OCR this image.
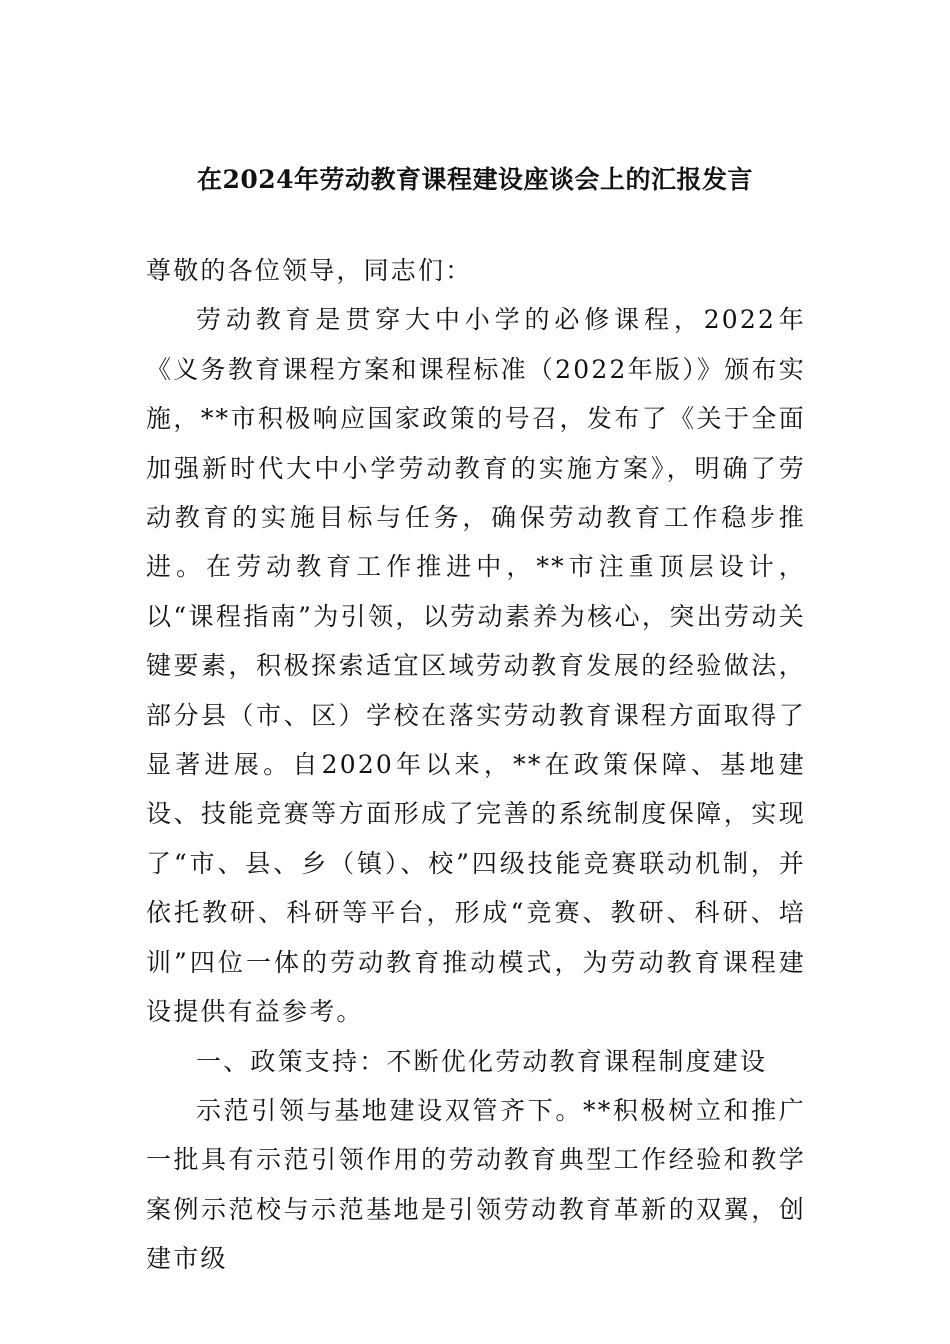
在2024年劳动教育课程建设座谈会上的汇报发言

尊敬的各位领导，同志们：

劳动教育是贯穿大中小学的必修课程，2022年《义务教育课程方案和课程标准（2022年版）》颁布实施，**市积极响应国家政策的号召，发布了《关于全面加强新时代大中小学劳动教育的实施方案》，明确了劳动教育的实施目标与任务，确保劳动教育工作稳步推进。在劳动教育工作推进中，**市注重顶层设计，以“课程指南”为引领，以劳动素养为核心，突出劳动关键要素，积极探索适宜区域劳动教育发展的经验做法，部分县（市、区）学校在落实劳动教育课程方面取得了显著进展。自2020年以来，**在政策保障、基地建设、技能竞赛等方面形成了完善的系统制度保障，实现了“市、县、乡（镇）、校”四级技能竞赛联动机制，并依托教研、科研等平台，形成“竞赛、教研、科研、培训”四位一体的劳动教育推动模式，为劳动教育课程建设提供有益参考。

一、政策支持：不断优化劳动教育课程制度建设

示范引领与基地建设双管齐下。**积极树立和推广一批具有示范引领作用的劳动教育典型工作经验和教学案例示范校与示范基地是引领劳动教育革新的双翼，创建市级
